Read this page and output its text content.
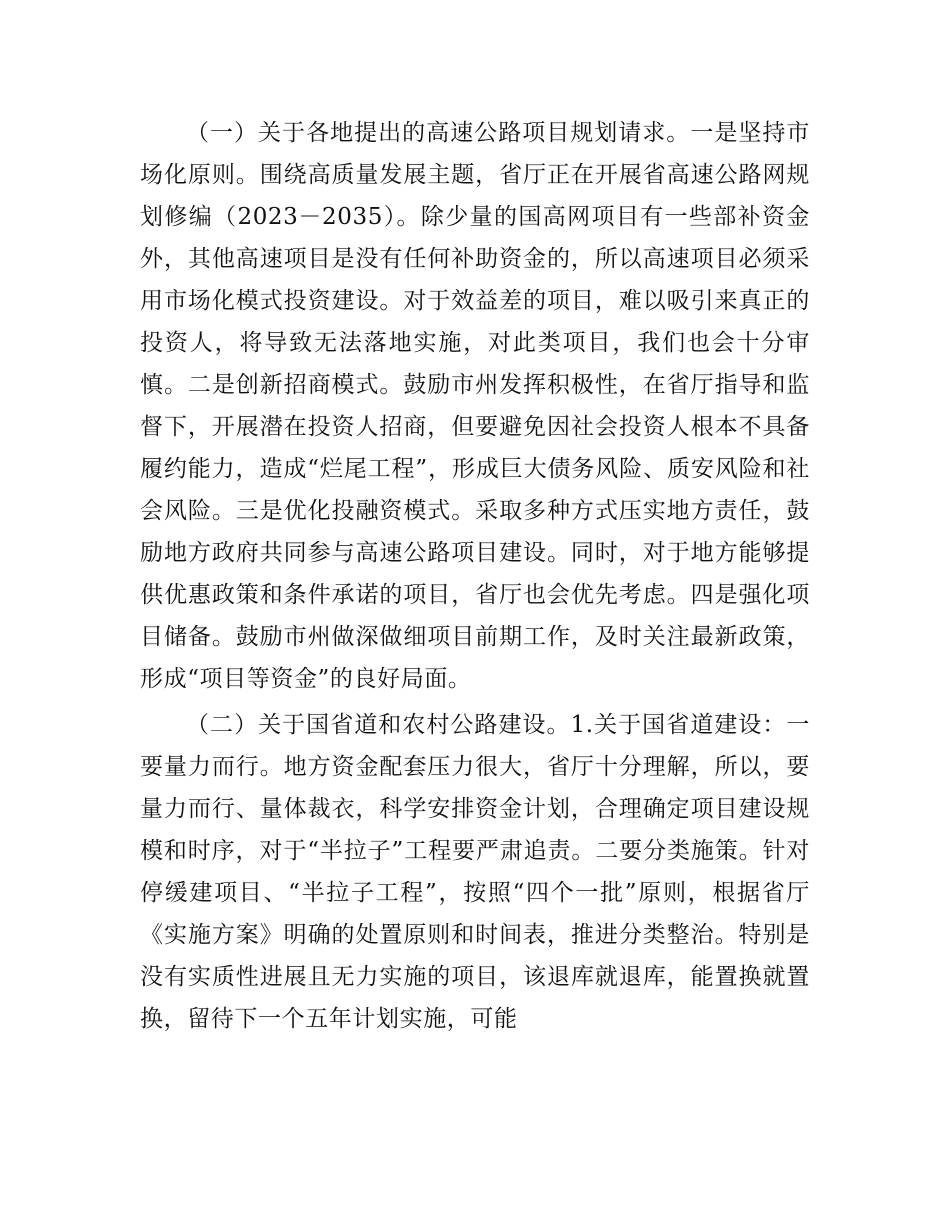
（一）关于各地提出的高速公路项目规划请求。一是坚持市场化原则。围绕高质量发展主题，省厅正在开展省高速公路网规划修编（2023－2035）。除少量的国高网项目有一些部补资金外，其他高速项目是没有任何补助资金的，所以高速项目必须采用市场化模式投资建设。对于效益差的项目，难以吸引来真正的投资人，将导致无法落地实施，对此类项目，我们也会十分审慎。二是创新招商模式。鼓励市州发挥积极性，在省厅指导和监督下，开展潜在投资人招商，但要避免因社会投资人根本不具备履约能力，造成“烂尾工程”，形成巨大债务风险、质安风险和社会风险。三是优化投融资模式。采取多种方式压实地方责任，鼓励地方政府共同参与高速公路项目建设。同时，对于地方能够提供优惠政策和条件承诺的项目，省厅也会优先考虑。四是强化项目储备。鼓励市州做深做细项目前期工作，及时关注最新政策，形成“项目等资金”的良好局面。

（二）关于国省道和农村公路建设。1.关于国省道建设：一要量力而行。地方资金配套压力很大，省厅十分理解，所以，要量力而行、量体裁衣，科学安排资金计划，合理确定项目建设规模和时序，对于“半拉子”工程要严肃追责。二要分类施策。针对停缓建项目、“半拉子工程”，按照“四个一批”原则，根据省厅《实施方案》明确的处置原则和时间表，推进分类整治。特别是没有实质性进展且无力实施的项目，该退库就退库，能置换就置换，留待下一个五年计划实施，可能
